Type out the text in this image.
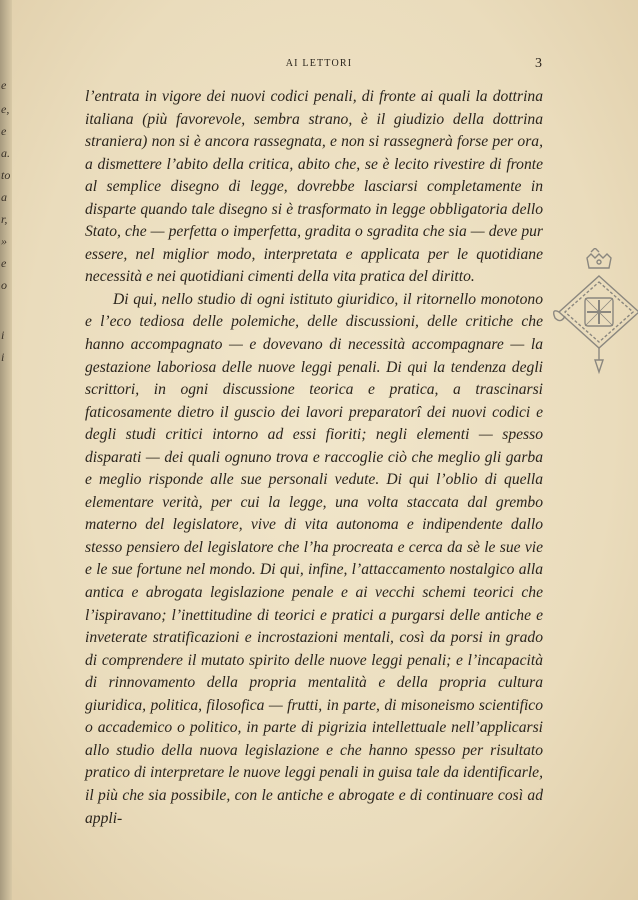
e
e,
e
a.
to
a
r,
»
e
o
i
i
AI LETTORI	3

l’entrata in vigore dei nuovi codici penali, di fronte ai quali la dottrina italiana (più favorevole, sembra strano, è il giudizio della dottrina straniera) non si è ancora rassegnata, e non si rassegnerà forse per ora, a dismettere l’abito della critica, abito che, se è lecito rivestire di fronte al semplice disegno di legge, dovrebbe lasciarsi completamente in disparte quando tale disegno si è trasformato in legge obbligatoria dello Stato, che — perfetta o imperfetta, gradita o sgradita che sia — deve pur essere, nel miglior modo, interpretata e applicata per le quotidiane necessità e nei quotidiani cimenti della vita pratica del diritto.

Di qui, nello studio di ogni istituto giuridico, il ritornello monotono e l’eco tediosa delle polemiche, delle discussioni, delle critiche che hanno accompagnato — e dovevano di necessità accompagnare — la gestazione laboriosa delle nuove leggi penali. Di qui la tendenza degli scrittori, in ogni discussione teorica e pratica, a trascinarsi faticosamente dietro il guscio dei lavori preparatorî dei nuovi codici e degli studi critici intorno ad essi fioriti; negli elementi — spesso disparati — dei quali ognuno trova e raccoglie ciò che meglio gli garba e meglio risponde alle sue personali vedute. Di qui l’oblio di quella elementare verità, per cui la legge, una volta staccata dal grembo materno del legislatore, vive di vita autonoma e indipendente dallo stesso pensiero del legislatore che l’ha procreata e cerca da sè le sue vie e le sue fortune nel mondo. Di qui, infine, l’attaccamento nostalgico alla antica e abrogata legislazione penale e ai vecchi schemi teorici che l’ispiravano; l’inettitudine di teorici e pratici a purgarsi delle antiche e inveterate stratificazioni e incrostazioni mentali, così da porsi in grado di comprendere il mutato spirito delle nuove leggi penali; e l’incapacità di rinnovamento della propria mentalità e della propria cultura giuridica, politica, filosofica — frutti, in parte, di misoneismo scientifico o accademico o politico, in parte di pigrizia intellettuale nell’applicarsi allo studio della nuova legislazione e che hanno spesso per risultato pratico di interpretare le nuove leggi penali in guisa tale da identificarle, il più che sia possibile, con le antiche e abrogate e di continuare così ad appli-
